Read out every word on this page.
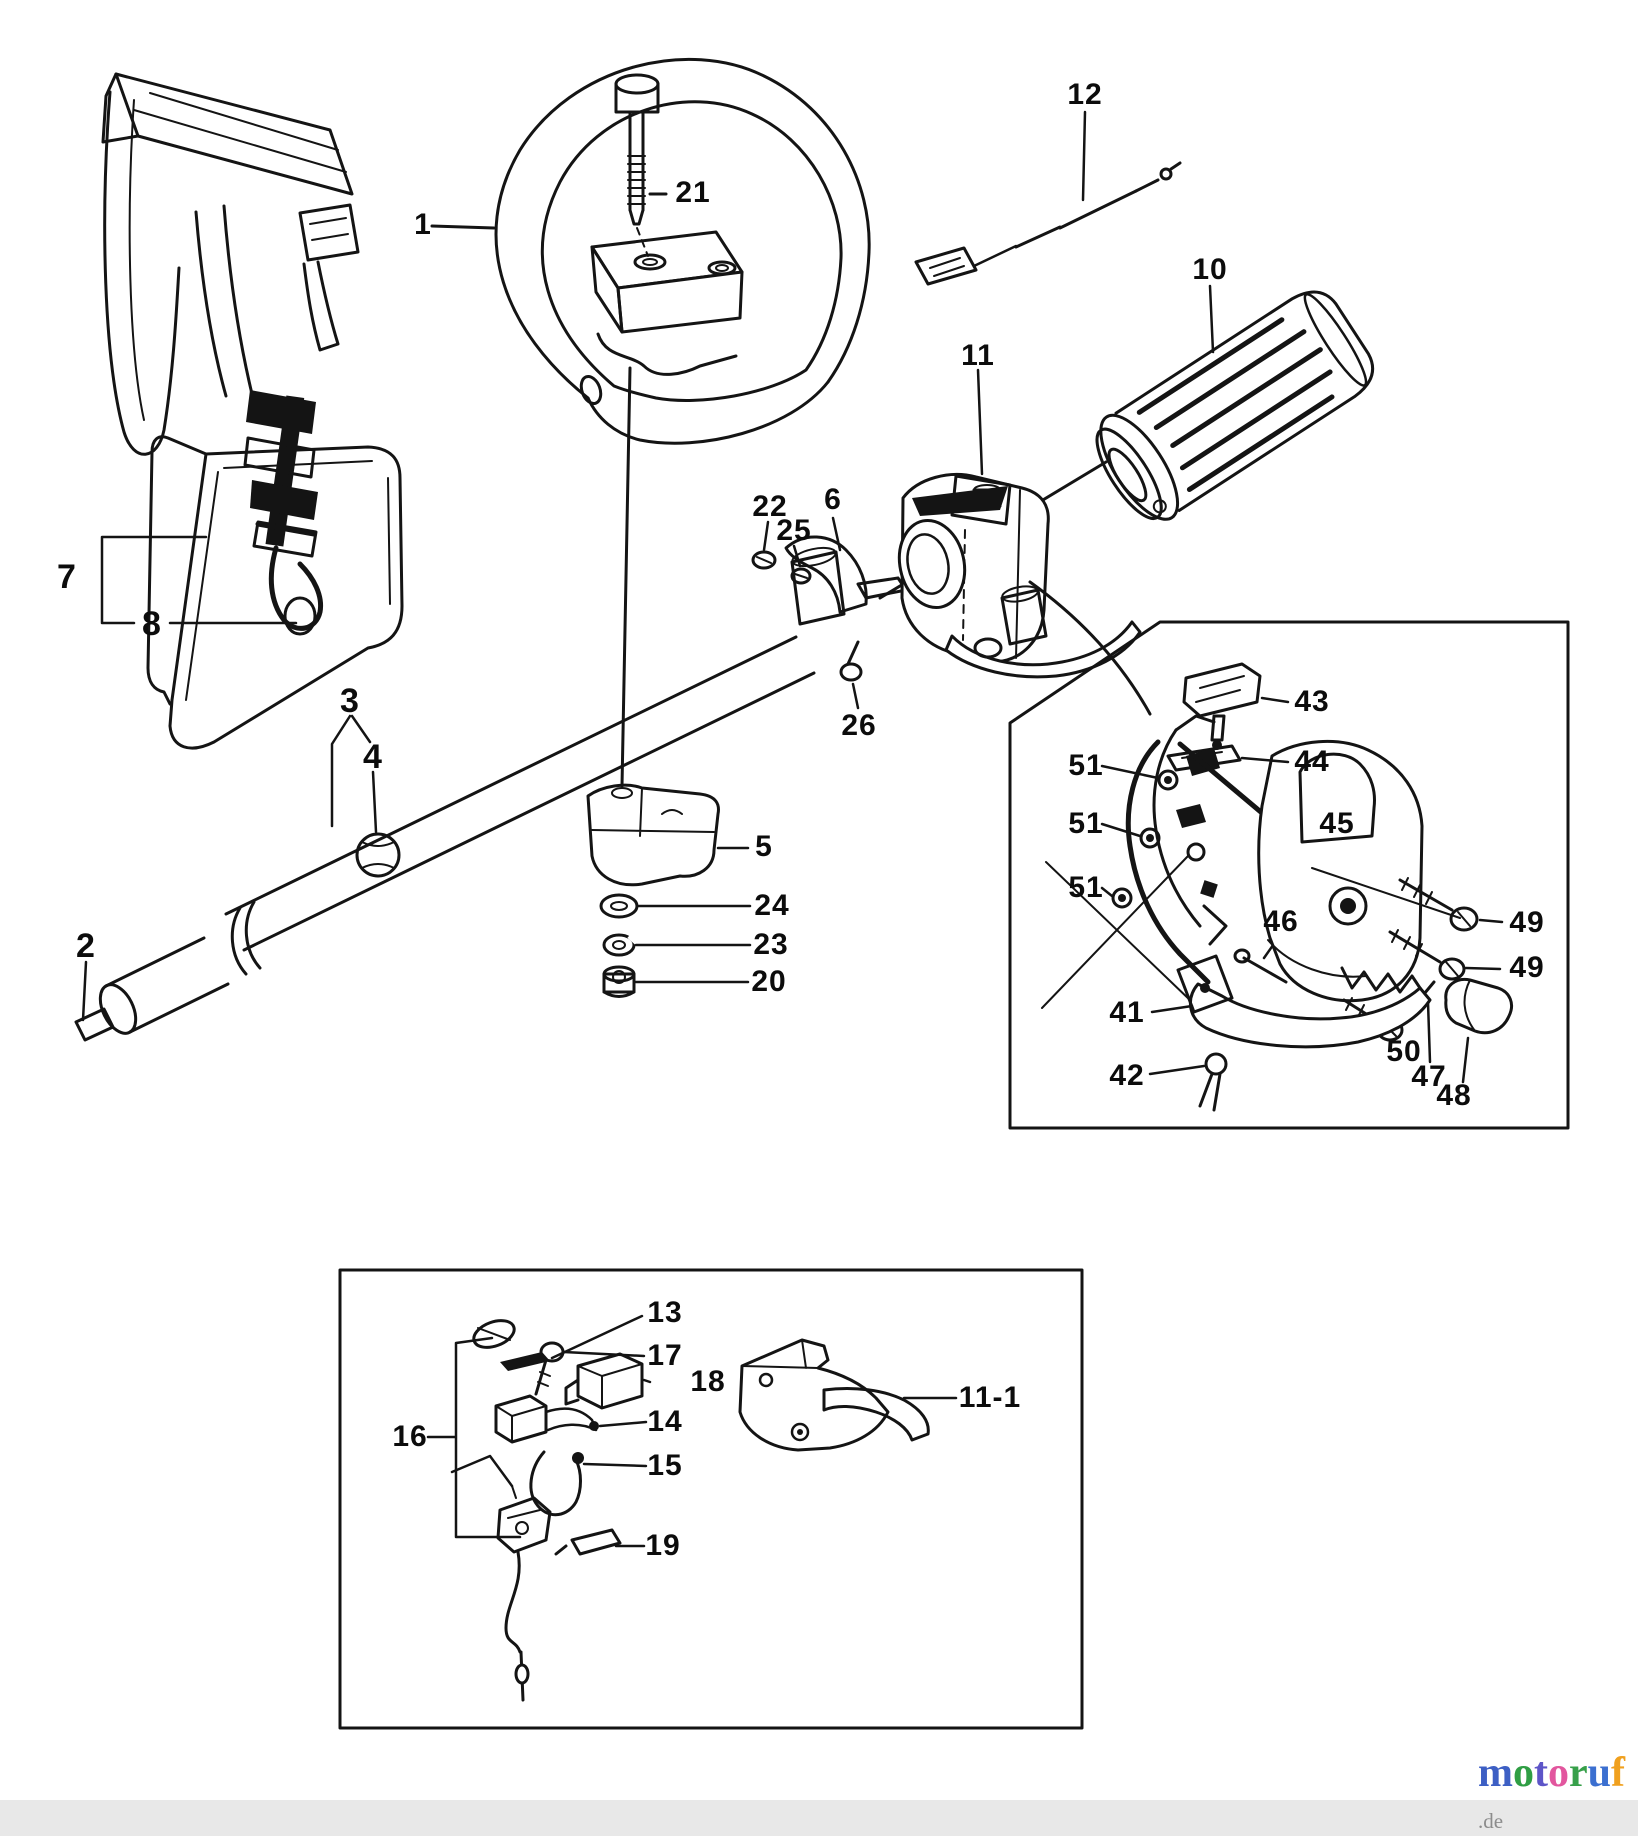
1
21
12
10
11
7
8
22
25
6
26
3
4
5
24
23
20
2
43
44
51
51
51
45
46
41
42
49
49
50
47
48
13
17
18
14
15
19
16
11-1
motoruf.de
